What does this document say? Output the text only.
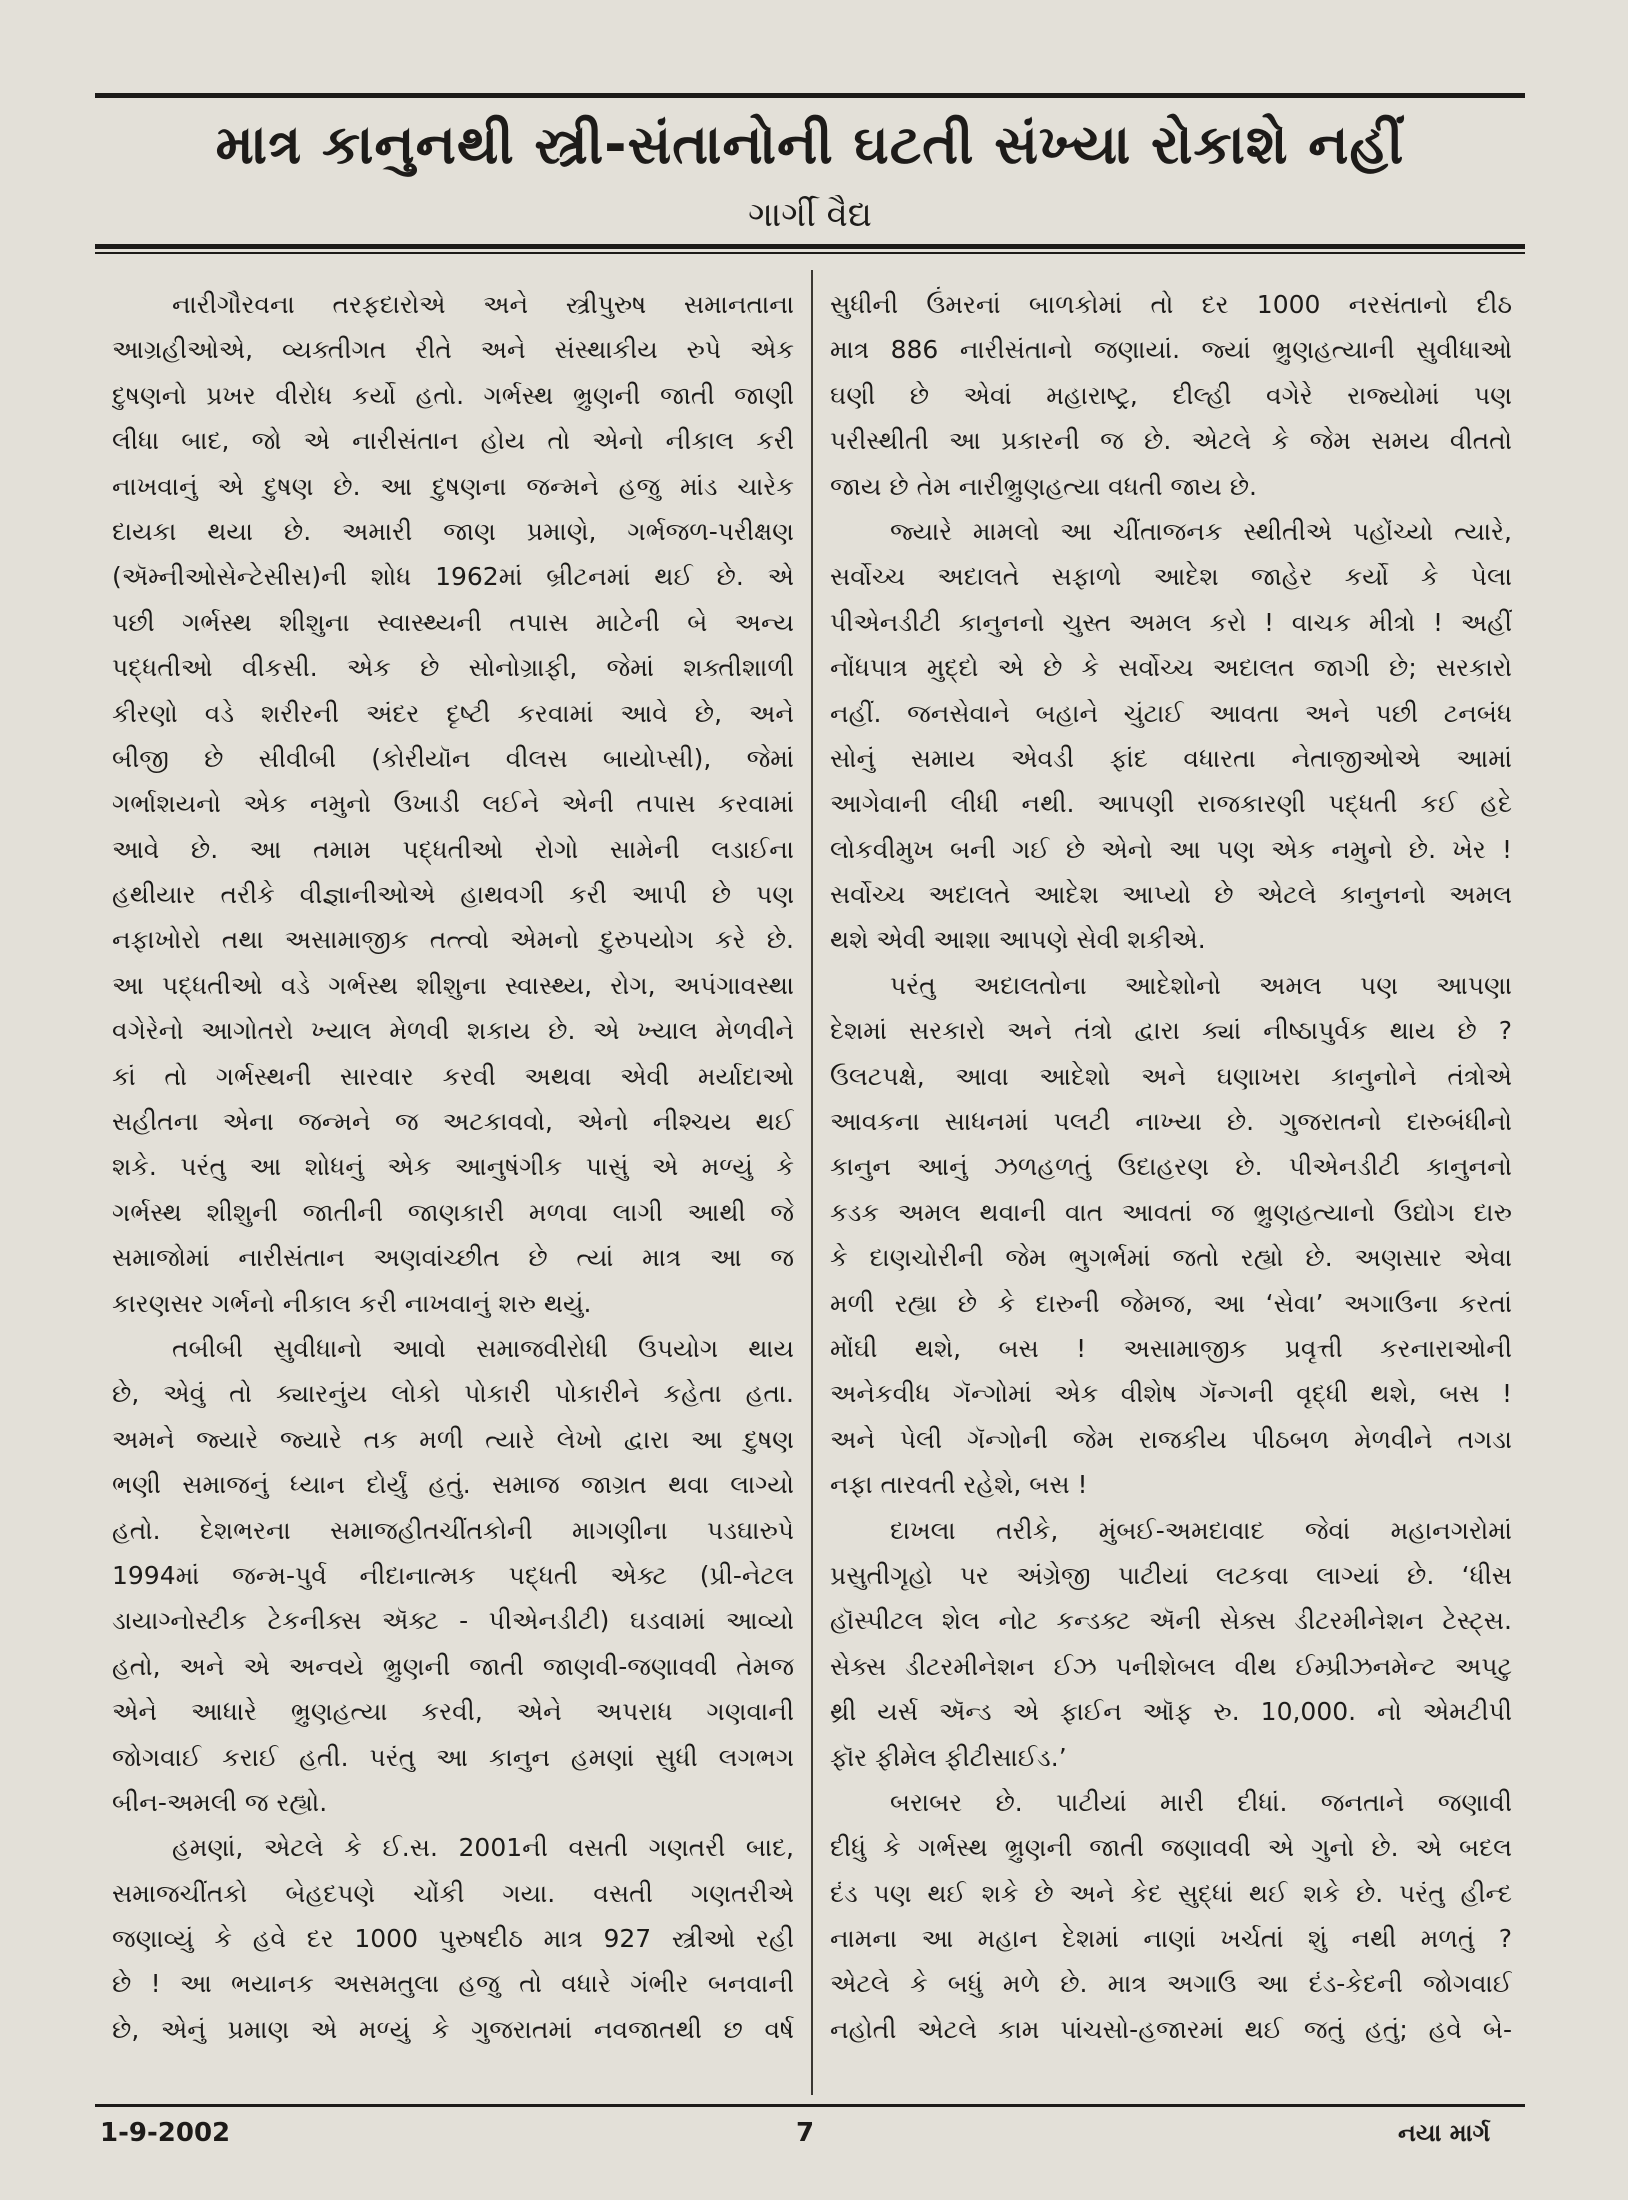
માત્ર કાનુનથી સ્ત્રી-સંતાનોની ઘટતી સંખ્યા રોકાશે નહીં
ગાર્ગી વૈદ્ય
નારીગૌરવના તરફદારોએ અને સ્ત્રીપુરુષ સમાનતાના
આગ્રહીઓએ, વ્યક્તીગત રીતે અને સંસ્થાકીય રુપે એક
દુષણનો પ્રખર વીરોધ કર્યો હતો. ગર્ભસ્થ ભ્રુણની જાતી જાણી
લીધા બાદ, જો એ નારીસંતાન હોય તો એનો નીકાલ કરી
નાખવાનું એ દુષણ છે. આ દુષણના જન્મને હજુ માંડ ચારેક
દાયકા થયા છે. અમારી જાણ પ્રમાણે, ગર્ભજળ-પરીક્ષણ
(ઍમ્નીઓસેન્ટેસીસ)ની શોધ 1962માં બ્રીટનમાં થઈ છે. એ
પછી ગર્ભસ્થ શીશુના સ્વાસ્થ્યની તપાસ માટેની બે અન્ય
પદ્ધતીઓ વીકસી. એક છે સોનોગ્રાફી, જેમાં શક્તીશાળી
કીરણો વડે શરીરની અંદર દૃષ્ટી કરવામાં આવે છે, અને
બીજી છે સીવીબી (કોરીયૉન વીલસ બાયોપ્સી), જેમાં
ગર્ભાશયનો એક નમુનો ઉખાડી લઈને એની તપાસ કરવામાં
આવે છે. આ તમામ પદ્ધતીઓ રોગો સામેની લડાઈના
હથીયાર તરીકે વીજ્ઞાનીઓએ હાથવગી કરી આપી છે પણ
નફાખોરો તથા અસામાજીક તત્ત્વો એમનો દુરુપયોગ કરે છે.
આ પદ્ધતીઓ વડે ગર્ભસ્થ શીશુના સ્વાસ્થ્ય, રોગ, અપંગાવસ્થા
વગેરેનો આગોતરો ખ્યાલ મેળવી શકાય છે. એ ખ્યાલ મેળવીને
કાં તો ગર્ભસ્થની સારવાર કરવી અથવા એવી મર્યાદાઓ
સહીતના એના જન્મને જ અટકાવવો, એનો નીશ્ચય થઈ
શકે. પરંતુ આ શોધનું એક આનુષંગીક પાસું એ મળ્યું કે
ગર્ભસ્થ શીશુની જાતીની જાણકારી મળવા લાગી આથી જે
સમાજોમાં નારીસંતાન અણવાંચ્છીત છે ત્યાં માત્ર આ જ
કારણસર ગર્ભનો નીકાલ કરી નાખવાનું શરુ થયું.
તબીબી સુવીધાનો આવો સમાજવીરોધી ઉપયોગ થાય
છે, એવું તો ક્યારનુંય લોકો પોકારી પોકારીને કહેતા હતા.
અમને જ્યારે જ્યારે તક મળી ત્યારે લેખો દ્વારા આ દુષણ
ભણી સમાજનું ધ્યાન દોર્યું હતું. સમાજ જાગ્રત થવા લાગ્યો
હતો. દેશભરના સમાજહીતચીંતકોની માગણીના પડઘારુપે
1994માં જન્મ-પુર્વ નીદાનાત્મક પદ્ધતી એક્ટ (પ્રી-નેટલ
ડાયાગ્નોસ્ટીક ટેકનીક્સ ઍક્ટ - પીએનડીટી) ઘડવામાં આવ્યો
હતો, અને એ અન્વયે ભ્રુણની જાતી જાણવી-જણાવવી તેમજ
એને આધારે ભ્રુણહત્યા કરવી, એને અપરાધ ગણવાની
જોગવાઈ કરાઈ હતી. પરંતુ આ કાનુન હમણાં સુધી લગભગ
બીન-અમલી જ રહ્યો.
હમણાં, એટલે કે ઈ.સ. 2001ની વસતી ગણતરી બાદ,
સમાજચીંતકો બેહદપણે ચોંકી ગયા. વસતી ગણતરીએ
જણાવ્યું કે હવે દર 1000 પુરુષદીઠ માત્ર 927 સ્ત્રીઓ રહી
છે ! આ ભયાનક અસમતુલા હજુ તો વધારે ગંભીર બનવાની
છે, એનું પ્રમાણ એ મળ્યું કે ગુજરાતમાં નવજાતથી છ વર્ષ
સુધીની ઉંમરનાં બાળકોમાં તો દર 1000 નરસંતાનો દીઠ
માત્ર 886 નારીસંતાનો જણાયાં. જ્યાં ભ્રુણહત્યાની સુવીધાઓ
ઘણી છે એવાં મહારાષ્ટ્ર, દીલ્હી વગેરે રાજ્યોમાં પણ
પરીસ્થીતી આ પ્રકારની જ છે. એટલે કે જેમ સમય વીતતો
જાય છે તેમ નારીભ્રુણહત્યા વધતી જાય છે.
જ્યારે મામલો આ ચીંતાજનક સ્થીતીએ પહોંચ્યો ત્યારે,
સર્વોચ્ચ અદાલતે સફાળો આદેશ જાહેર કર્યો કે પેલા
પીએનડીટી કાનુનનો ચુસ્ત અમલ કરો ! વાચક મીત્રો ! અહીં
નોંધપાત્ર મુદ્દો એ છે કે સર્વોચ્ચ અદાલત જાગી છે; સરકારો
નહીં. જનસેવાને બહાને ચુંટાઈ આવતા અને પછી ટનબંધ
સોનું સમાય એવડી ફાંદ વધારતા નેતાજીઓએ આમાં
આગેવાની લીધી નથી. આપણી રાજકારણી પદ્ધતી કઈ હદે
લોકવીમુખ બની ગઈ છે એનો આ પણ એક નમુનો છે. ખેર !
સર્વોચ્ચ અદાલતે આદેશ આપ્યો છે એટલે કાનુનનો અમલ
થશે એવી આશા આપણે સેવી શકીએ.
પરંતુ અદાલતોના આદેશોનો અમલ પણ આપણા
દેશમાં સરકારો અને તંત્રો દ્વારા ક્યાં નીષ્ઠાપુર્વક થાય છે ?
ઉલટપક્ષે, આવા આદેશો અને ઘણાખરા કાનુનોને તંત્રોએ
આવકના સાધનમાં પલટી નાખ્યા છે. ગુજરાતનો દારુબંધીનો
કાનુન આનું ઝળહળતું ઉદાહરણ છે. પીએનડીટી કાનુનનો
કડક અમલ થવાની વાત આવતાં જ ભ્રુણહત્યાનો ઉદ્યોગ દારુ
કે દાણચોરીની જેમ ભુગર્ભમાં જતો રહ્યો છે. અણસાર એવા
મળી રહ્યા છે કે દારુની જેમજ, આ ‘સેવા’ અગાઉના કરતાં
મોંઘી થશે, બસ ! અસામાજીક પ્રવૃત્તી કરનારાઓની
અનેકવીધ ગૅન્ગોમાં એક વીશેષ ગૅન્ગની વૃદ્ધી થશે, બસ !
અને પેલી ગૅન્ગોની જેમ રાજકીય પીઠબળ મેળવીને તગડા
નફા તારવતી રહેશે, બસ !
દાખલા તરીકે, મુંબઈ-અમદાવાદ જેવાં મહાનગરોમાં
પ્રસુતીગૃહો પર અંગ્રેજી પાટીયાં લટકવા લાગ્યાં છે. ‘ધીસ
હૉસ્પીટલ શેલ નોટ કન્ડક્ટ ઍની સેક્સ ડીટરમીનેશન ટેસ્ટ્સ.
સેક્સ ડીટરમીનેશન ઈઝ પનીશેબલ વીથ ઈમ્પ્રીઝનમેન્ટ અપટુ
થ્રી યર્સ ઍન્ડ એ ફાઈન ઑફ રુ. 10,000. નો એમટીપી
ફૉર ફીમેલ ફીટીસાઈડ.’
બરાબર છે. પાટીયાં મારી દીધાં. જનતાને જણાવી
દીધું કે ગર્ભસ્થ ભ્રુણની જાતી જણાવવી એ ગુનો છે. એ બદલ
દંડ પણ થઈ શકે છે અને કેદ સુદ્ધાં થઈ શકે છે. પરંતુ હીન્દ
નામના આ મહાન દેશમાં નાણાં ખર્ચતાં શું નથી મળતું ?
એટલે કે બધું મળે છે. માત્ર અગાઉ આ દંડ-કેદની જોગવાઈ
નહોતી એટલે કામ પાંચસો-હજારમાં થઈ જતું હતું; હવે બે-
1-9-2002	7	નયા માર્ગ
